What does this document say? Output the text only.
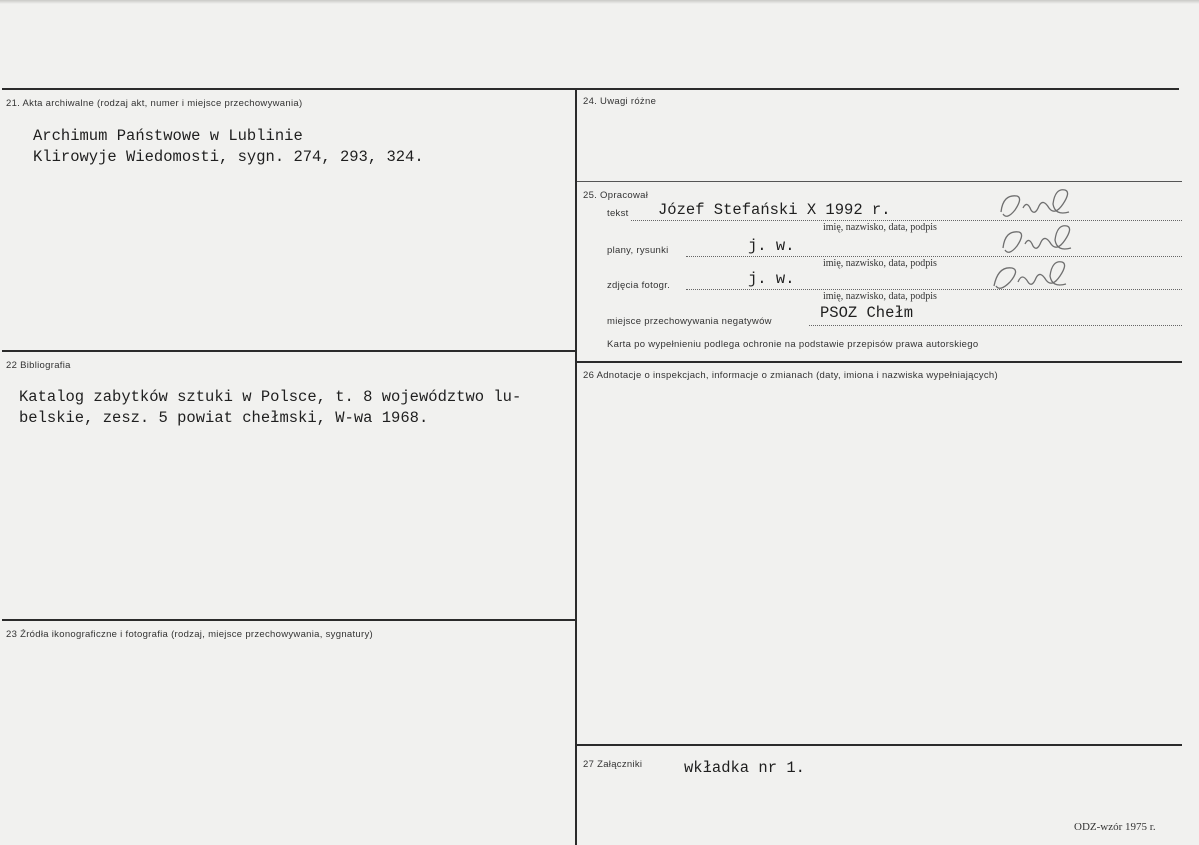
21. Akta archiwalne (rodzaj akt, numer i miejsce przechowywania)
Archimum Państwowe w Lublinie
Klirowyje Wiedomosti, sygn. 274, 293, 324.
22 Bibliografia
Katalog zabytków sztuki w Polsce, t. 8 województwo lu-
belskie, zesz. 5 powiat chełmski, W-wa 1968.
23 Źródła ikonograficzne i fotografia (rodzaj, miejsce przechowywania, sygnatury)
24. Uwagi różne
25. Opracował
tekst Józef Stefański X 1992 r.
imię, nazwisko, data, podpis
plany, rysunki	j. w.
imię, nazwisko, data, podpis
zdjęcia fotogr.	j. w.
imię, nazwisko, data, podpis
miejsce przechowywania negatywów	PSOZ Chełm
Karta po wypełnieniu podlega ochronie na podstawie przepisów prawa autorskiego
26 Adnotacje o inspekcjach, informacje o zmianach (daty, imiona i nazwiska wypełniających)
27 Załączniki	wkładka nr 1.
ODZ-wzór 1975 r.
